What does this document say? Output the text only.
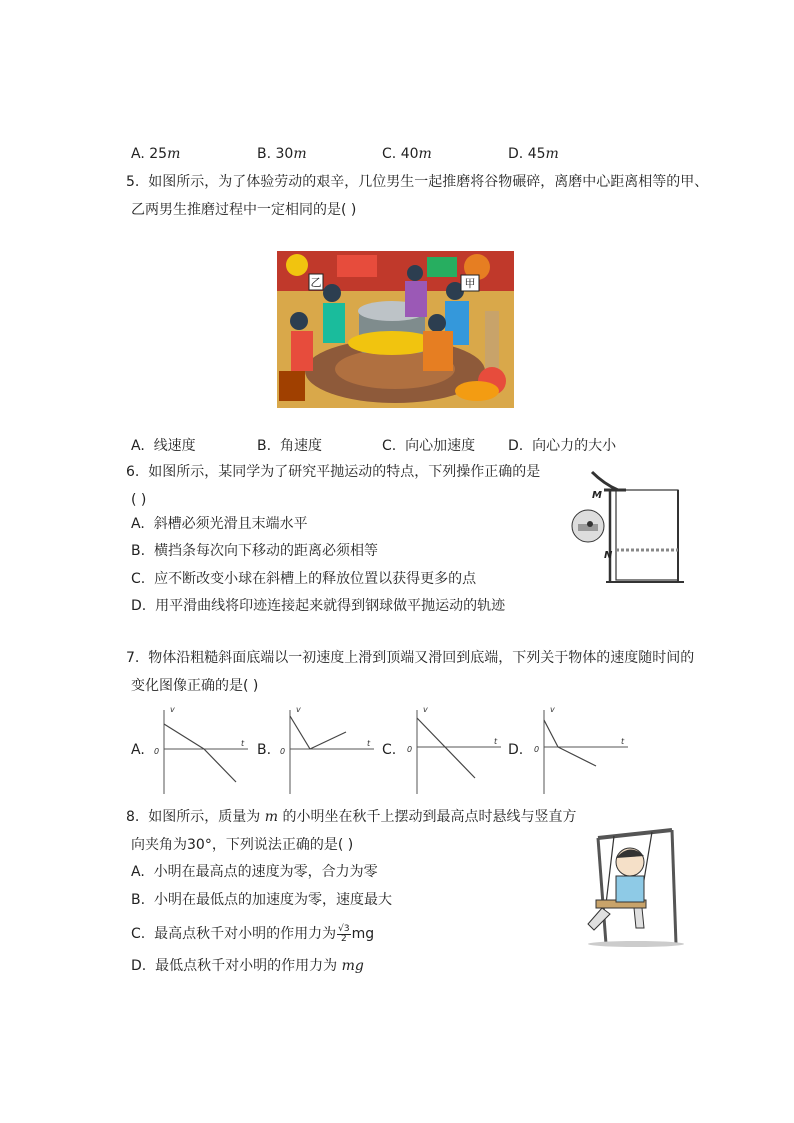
A. 25m	B. 30m	C. 40m	D. 45m
5. 如图所示，为了体验劳动的艰辛，几位男生一起推磨将谷物碾碎，离磨中心距离相等的甲、
乙两男生推磨过程中一定相同的是( )
乙	甲
A. 线速度	B. 角速度	C. 向心加速度 D. 向心力的大小
6. 如图所示，某同学为了研究平抛运动的特点，下列操作正确的是
( )
A. 斜槽必须光滑且末端水平
B. 横挡条每次向下移动的距离必须相等
C. 应不断改变小球在斜槽上的释放位置以获得更多的点
D. 用平滑曲线将印迹连接起来就得到钢球做平抛运动的轨迹
M
N
7. 物体沿粗糙斜面底端以一初速度上滑到顶端又滑回到底端，下列关于物体的速度随时间的
变化图像正确的是( )
A.
v
t
0	B.
v
t
0	C.
v
t
0	D.
v
t
0
8. 如图所示，质量为 m 的小明坐在秋千上摆动到最高点时悬线与竖直方
向夹角为30°，下列说法正确的是( )
A. 小明在最高点的速度为零，合力为零
B. 小明在最低点的加速度为零，速度最大
C. 最高点秋千对小明的作用力为 $\frac{√3}{2}$ mg
D. 最低点秋千对小明的作用力为 mg
